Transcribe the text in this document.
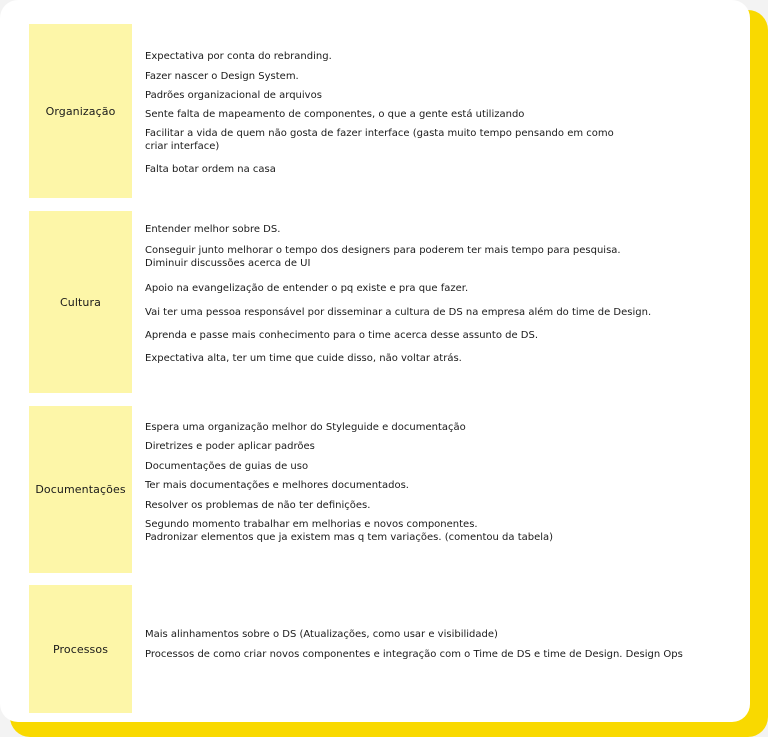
Organização
Expectativa por conta do rebranding.
Fazer nascer o Design System.
Padrões organizacional de arquivos
Sente falta de mapeamento de componentes, o que a gente está utilizando
Facilitar a vida de quem não gosta de fazer interface (gasta muito tempo pensando em como
criar interface)
Falta botar ordem na casa
Cultura
Entender melhor sobre DS.
Conseguir junto melhorar o tempo dos designers para poderem ter mais tempo para pesquisa.
Diminuir discussões acerca de UI
Apoio na evangelização de entender o pq existe e pra que fazer.
Vai ter uma pessoa responsável por disseminar a cultura de DS na empresa além do time de Design.
Aprenda e passe mais conhecimento para o time acerca desse assunto de DS.
Expectativa alta, ter um time que cuide disso, não voltar atrás.
Documentações
Espera uma organização melhor do Styleguide e documentação
Diretrizes e poder aplicar padrões
Documentações de guias de uso
Ter mais documentações e melhores documentados.
Resolver os problemas de não ter definições.
Segundo momento trabalhar em melhorias e novos componentes.
Padronizar elementos que ja existem mas q tem variações. (comentou da tabela)
Processos
Mais alinhamentos sobre o DS (Atualizações, como usar e visibilidade)
Processos de como criar novos componentes e integração com o Time de DS e time de Design. Design Ops
